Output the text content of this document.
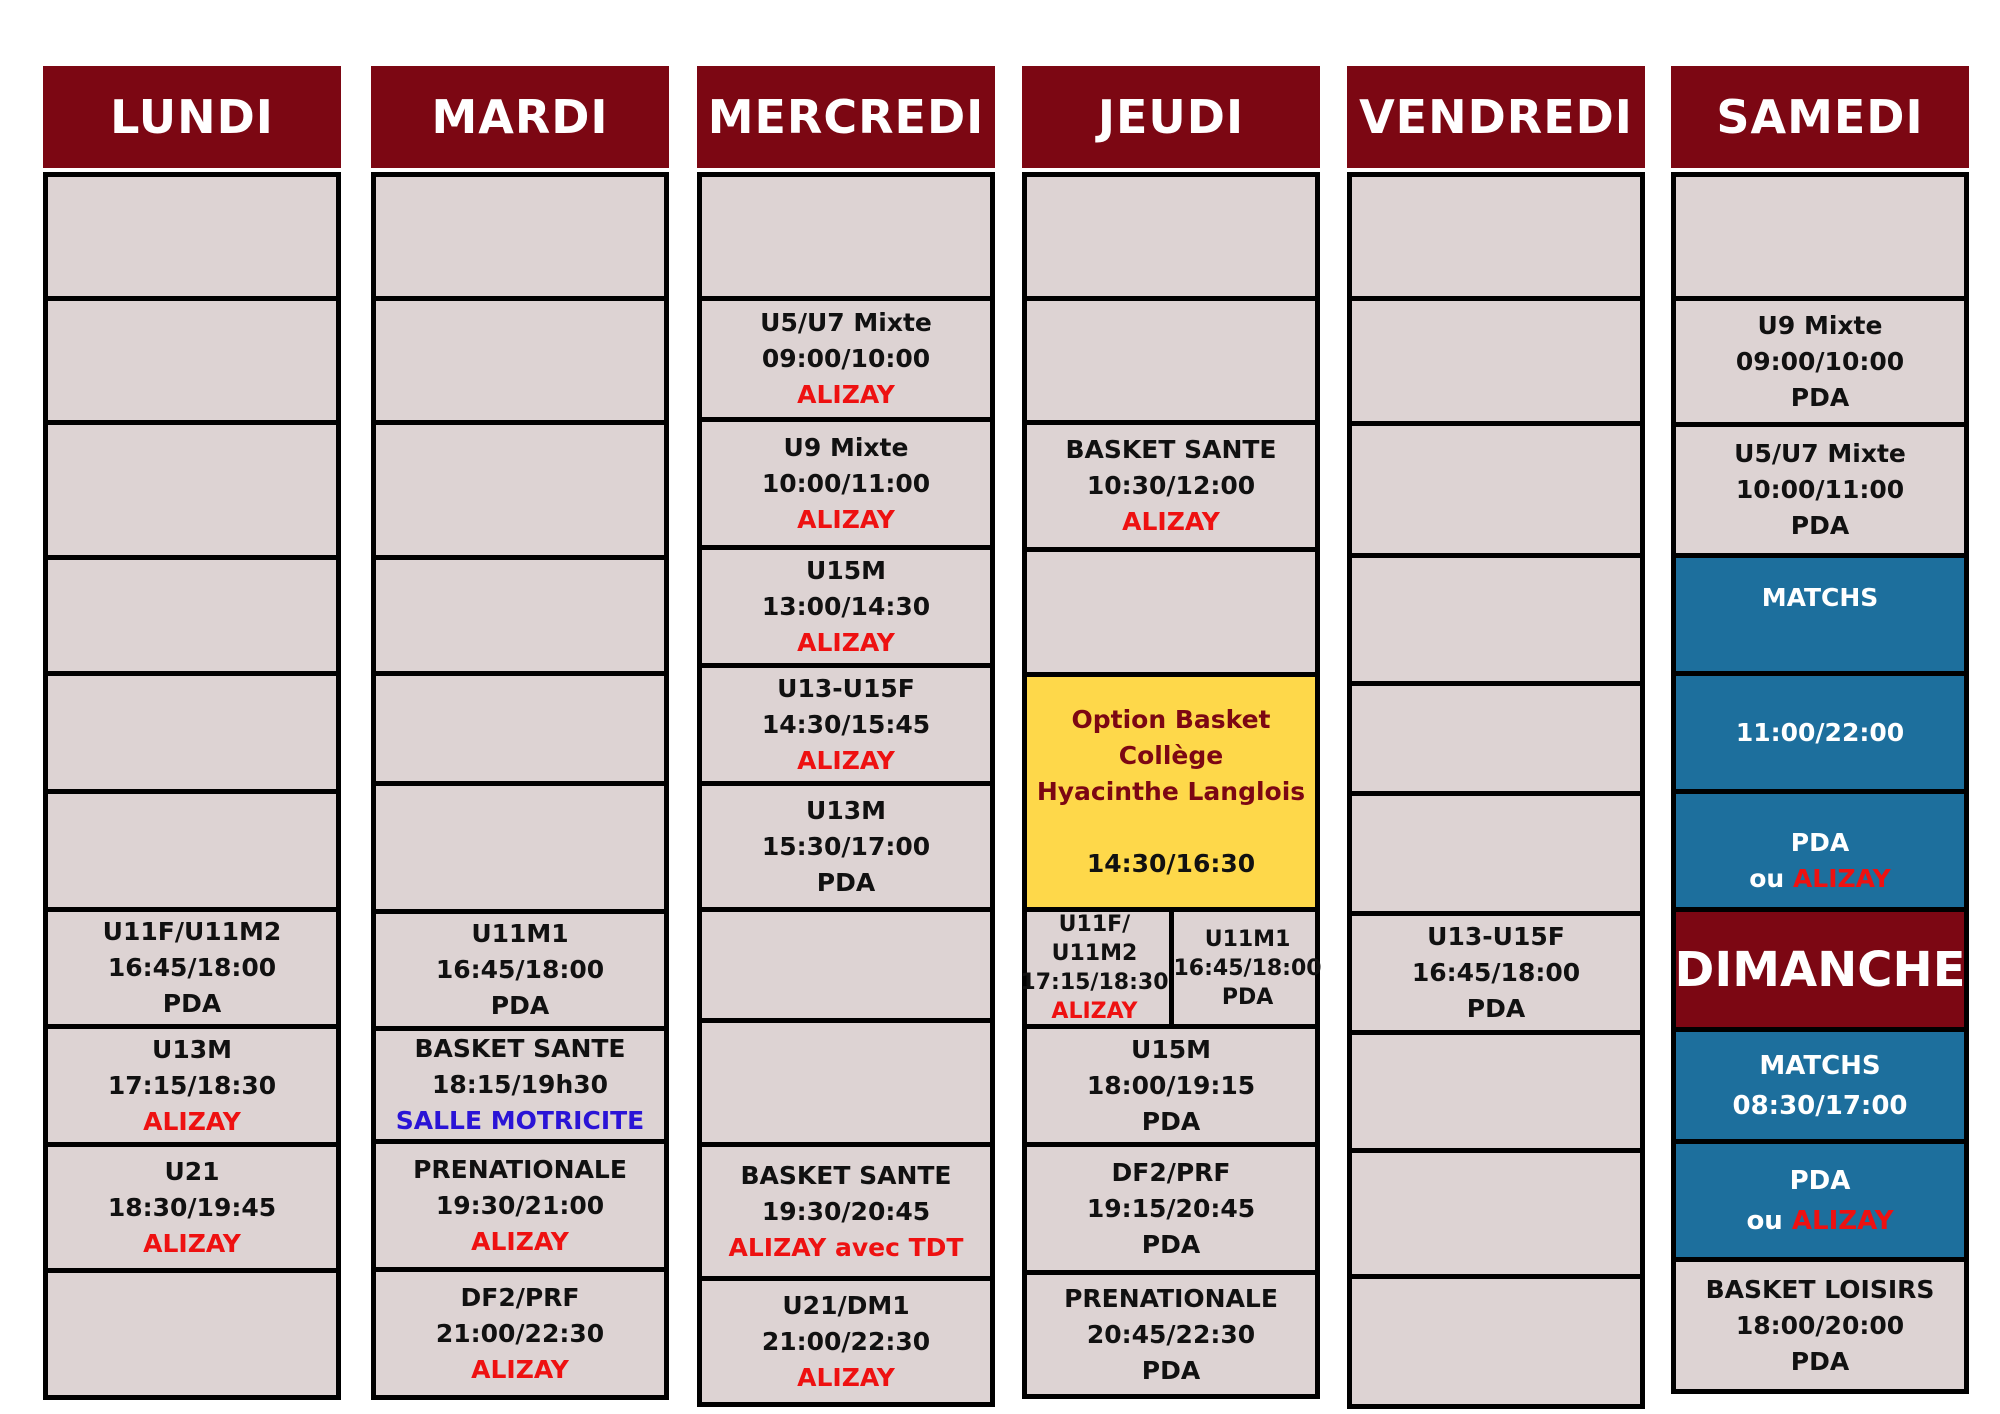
LUNDI
U11F/U11M2
16:45/18:00
PDA
U13M
17:15/18:30
ALIZAY
U21
18:30/19:45
ALIZAY
MARDI
U11M1
16:45/18:00
PDA
BASKET SANTE
18:15/19h30
SALLE MOTRICITE
PRENATIONALE
19:30/21:00
ALIZAY
DF2/PRF
21:00/22:30
ALIZAY
MERCREDI
U5/U7 Mixte
09:00/10:00
ALIZAY
U9 Mixte
10:00/11:00
ALIZAY
U15M
13:00/14:30
ALIZAY
U13-U15F
14:30/15:45
ALIZAY
U13M
15:30/17:00
PDA
BASKET SANTE
19:30/20:45
ALIZAY avec TDT
U21/DM1
21:00/22:30
ALIZAY
JEUDI
BASKET SANTE
10:30/12:00
ALIZAY
Option Basket
Collège
Hyacinthe Langlois
14:30/16:30
U11F/
U11M2
17:15/18:30
ALIZAY
U11M1
16:45/18:00
PDA
U15M
18:00/19:15
PDA
DF2/PRF
19:15/20:45
PDA
PRENATIONALE
20:45/22:30
PDA
VENDREDI
U13-U15F
16:45/18:00
PDA
SAMEDI
U9 Mixte
09:00/10:00
PDA
U5/U7 Mixte
10:00/11:00
PDA
MATCHS
11:00/22:00
PDA
ou ALIZAY
DIMANCHE
MATCHS
08:30/17:00
PDA
ou ALIZAY
BASKET LOISIRS
18:00/20:00
PDA
